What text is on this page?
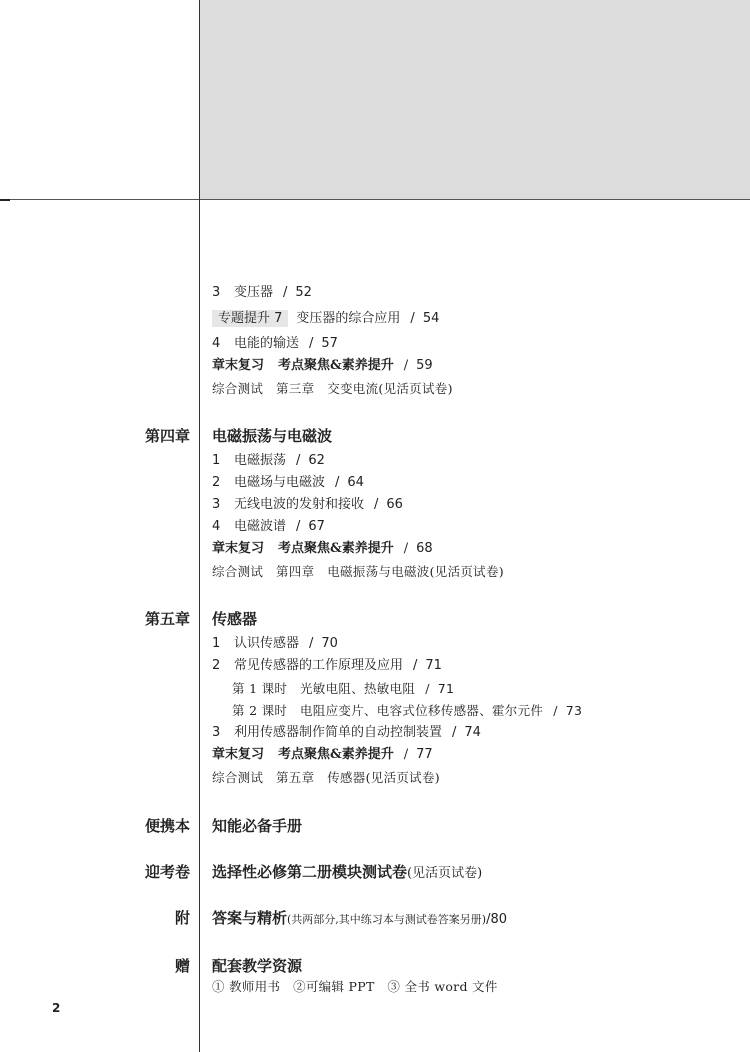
3 变压器 / 52
专题提升 7 变压器的综合应用 / 54
4 电能的输送 / 57
章末复习 考点聚焦&素养提升 / 59
综合测试　第三章　交变电流(见活页试卷)
第四章 电磁振荡与电磁波
1 电磁振荡 / 62
2 电磁场与电磁波 / 64
3 无线电波的发射和接收 / 66
4 电磁波谱 / 67
章末复习 考点聚焦&素养提升 / 68
综合测试　第四章　电磁振荡与电磁波(见活页试卷)
第五章 传感器
1 认识传感器 / 70
2 常见传感器的工作原理及应用 / 71
第 1 课时　光敏电阻、热敏电阻 / 71
第 2 课时　电阻应变片、电容式位移传感器、霍尔元件 / 73
3 利用传感器制作简单的自动控制装置 / 74
章末复习 考点聚焦&素养提升 / 77
综合测试　第五章　传感器(见活页试卷)
便携本 知能必备手册
迎考卷 选择性必修第二册模块测试卷(见活页试卷)
附 答案与精析(共两部分,其中练习本与测试卷答案另册)/80
赠 配套教学资源
① 教师用书　②可编辑 PPT　③ 全书 word 文件
2
